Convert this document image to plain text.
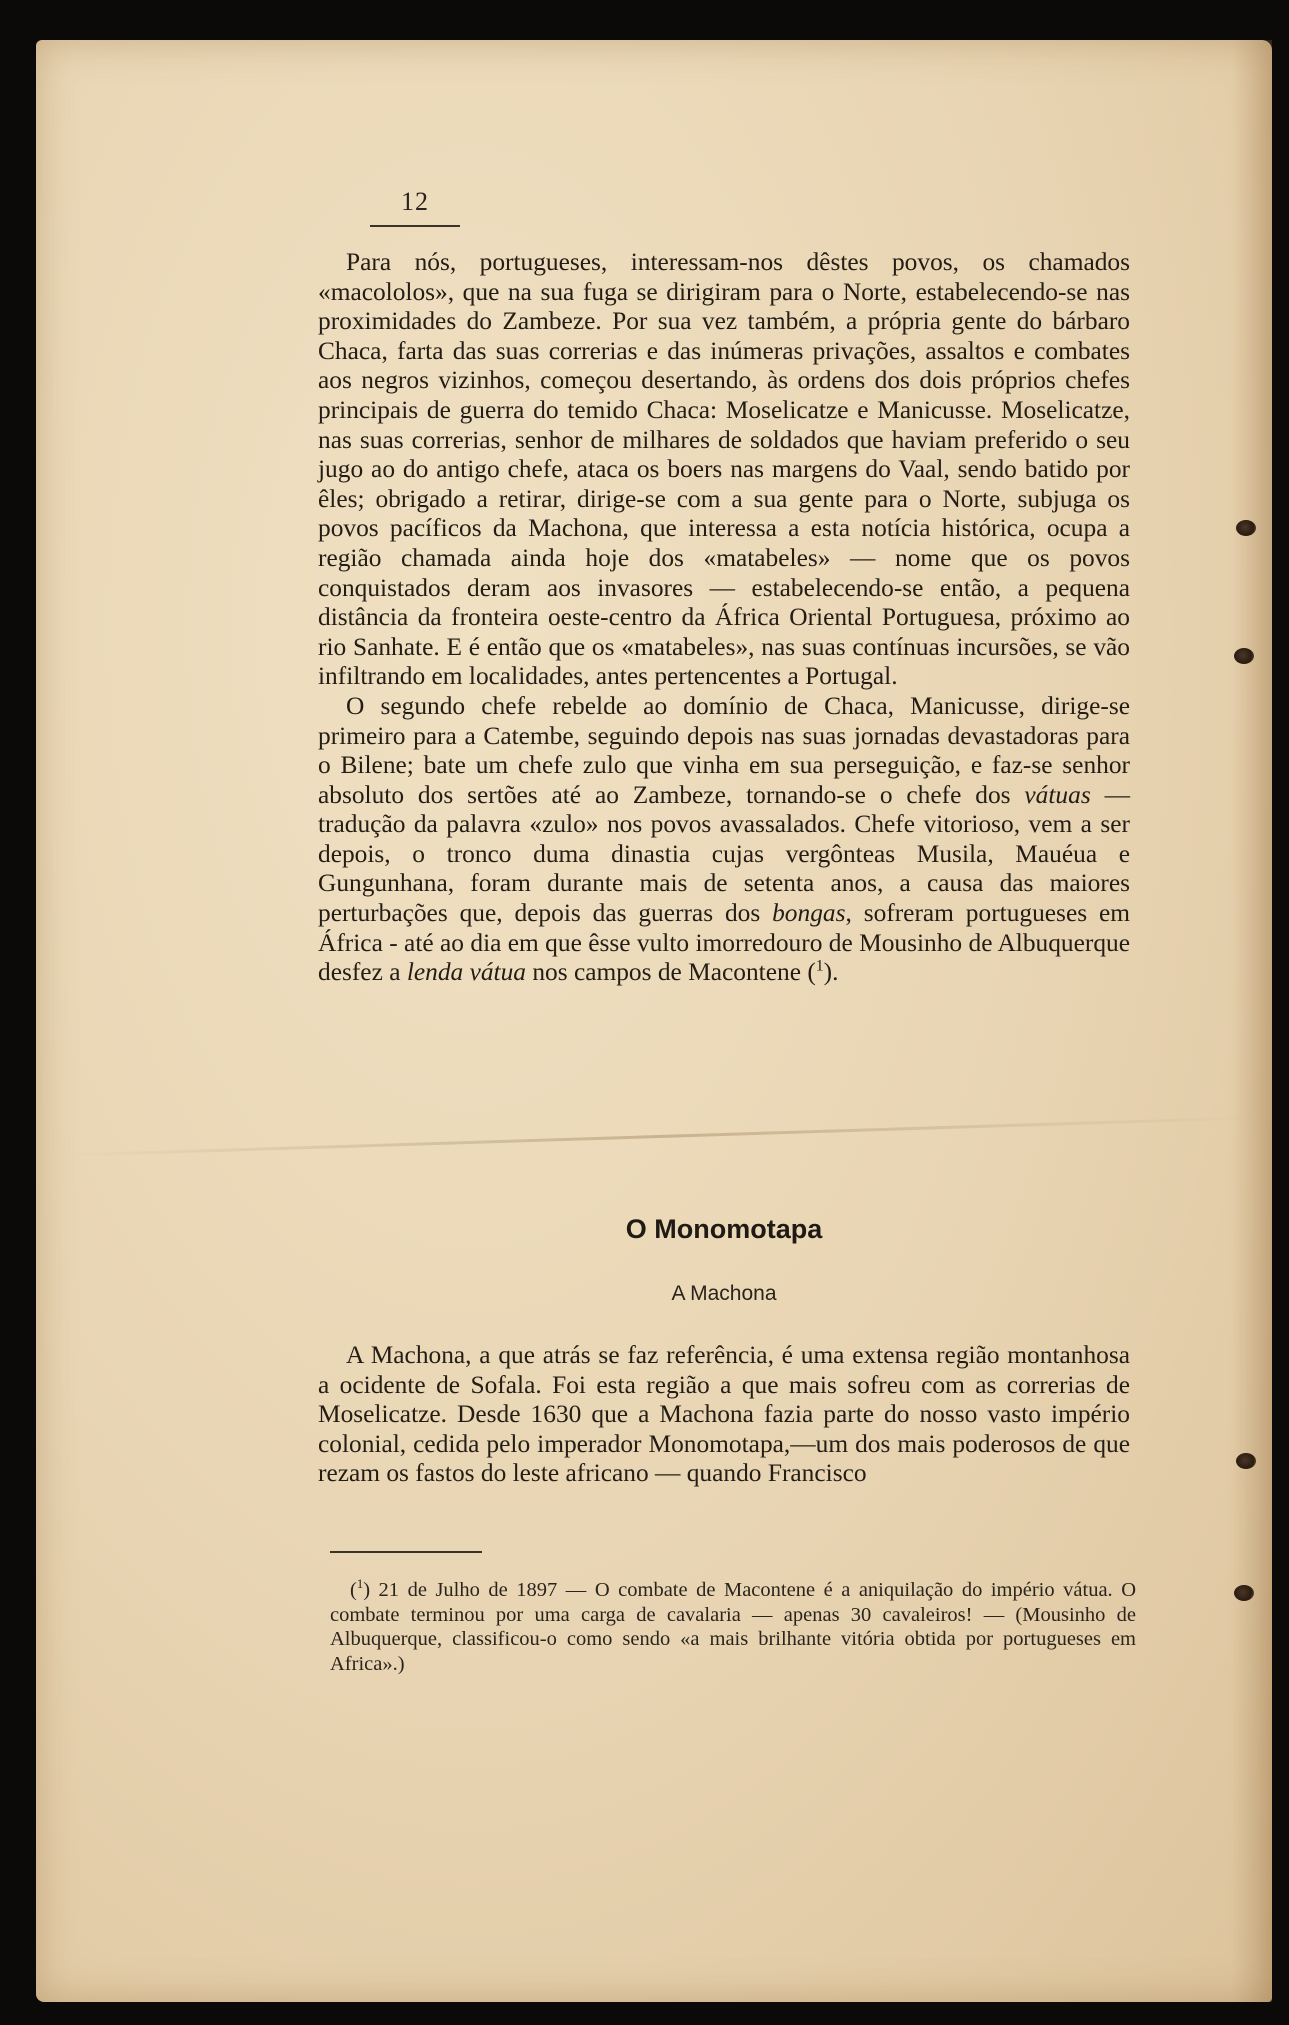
12

Para nós, portugueses, interessam-nos dêstes povos, os chamados «macololos», que na sua fuga se dirigiram para o Norte, estabelecendo-se nas proximidades do Zambeze. Por sua vez também, a própria gente do bárbaro Chaca, farta das suas correrias e das inúmeras privações, assaltos e combates aos negros vizinhos, começou desertando, às ordens dos dois próprios chefes principais de guerra do temido Chaca: Moselicatze e Manicusse. Moselicatze, nas suas correrias, senhor de milhares de soldados que haviam preferido o seu jugo ao do antigo chefe, ataca os boers nas margens do Vaal, sendo batido por êles; obrigado a retirar, dirige-se com a sua gente para o Norte, subjuga os povos pacíficos da Machona, que interessa a esta notícia histórica, ocupa a região chamada ainda hoje dos «matabeles» — nome que os povos conquistados deram aos invasores — estabelecendo-se então, a pequena distância da fronteira oeste-centro da África Oriental Portuguesa, próximo ao rio Sanhate. E é então que os «matabeles», nas suas contínuas incursões, se vão infiltrando em localidades, antes pertencentes a Portugal.

O segundo chefe rebelde ao domínio de Chaca, Manicusse, dirige-se primeiro para a Catembe, seguindo depois nas suas jornadas devastadoras para o Bilene; bate um chefe zulo que vinha em sua perseguição, e faz-se senhor absoluto dos sertões até ao Zambeze, tornando-se o chefe dos vátuas — tradução da palavra «zulo» nos povos avassalados. Chefe vitorioso, vem a ser depois, o tronco duma dinastia cujas vergônteas Musila, Mauéua e Gungunhana, foram durante mais de setenta anos, a causa das maiores perturbações que, depois das guerras dos bongas, sofreram portugueses em África - até ao dia em que êsse vulto imorredouro de Mousinho de Albuquerque desfez a lenda vátua nos campos de Macontene ($^1$).

O Monomotapa
A Machona

A Machona, a que atrás se faz referência, é uma extensa região montanhosa a ocidente de Sofala. Foi esta região a que mais sofreu com as correrias de Moselicatze. Desde 1630 que a Machona fazia parte do nosso vasto império colonial, cedida pelo imperador Monomotapa,—um dos mais poderosos de que rezam os fastos do leste africano — quando Francisco

($^1$) 21 de Julho de 1897 — O combate de Macontene é a aniquilação do império vátua. O combate terminou por uma carga de cavalaria — apenas 30 cavaleiros! — (Mousinho de Albuquerque, classificou-o como sendo «a mais brilhante vitória obtida por portugueses em Africa».)
